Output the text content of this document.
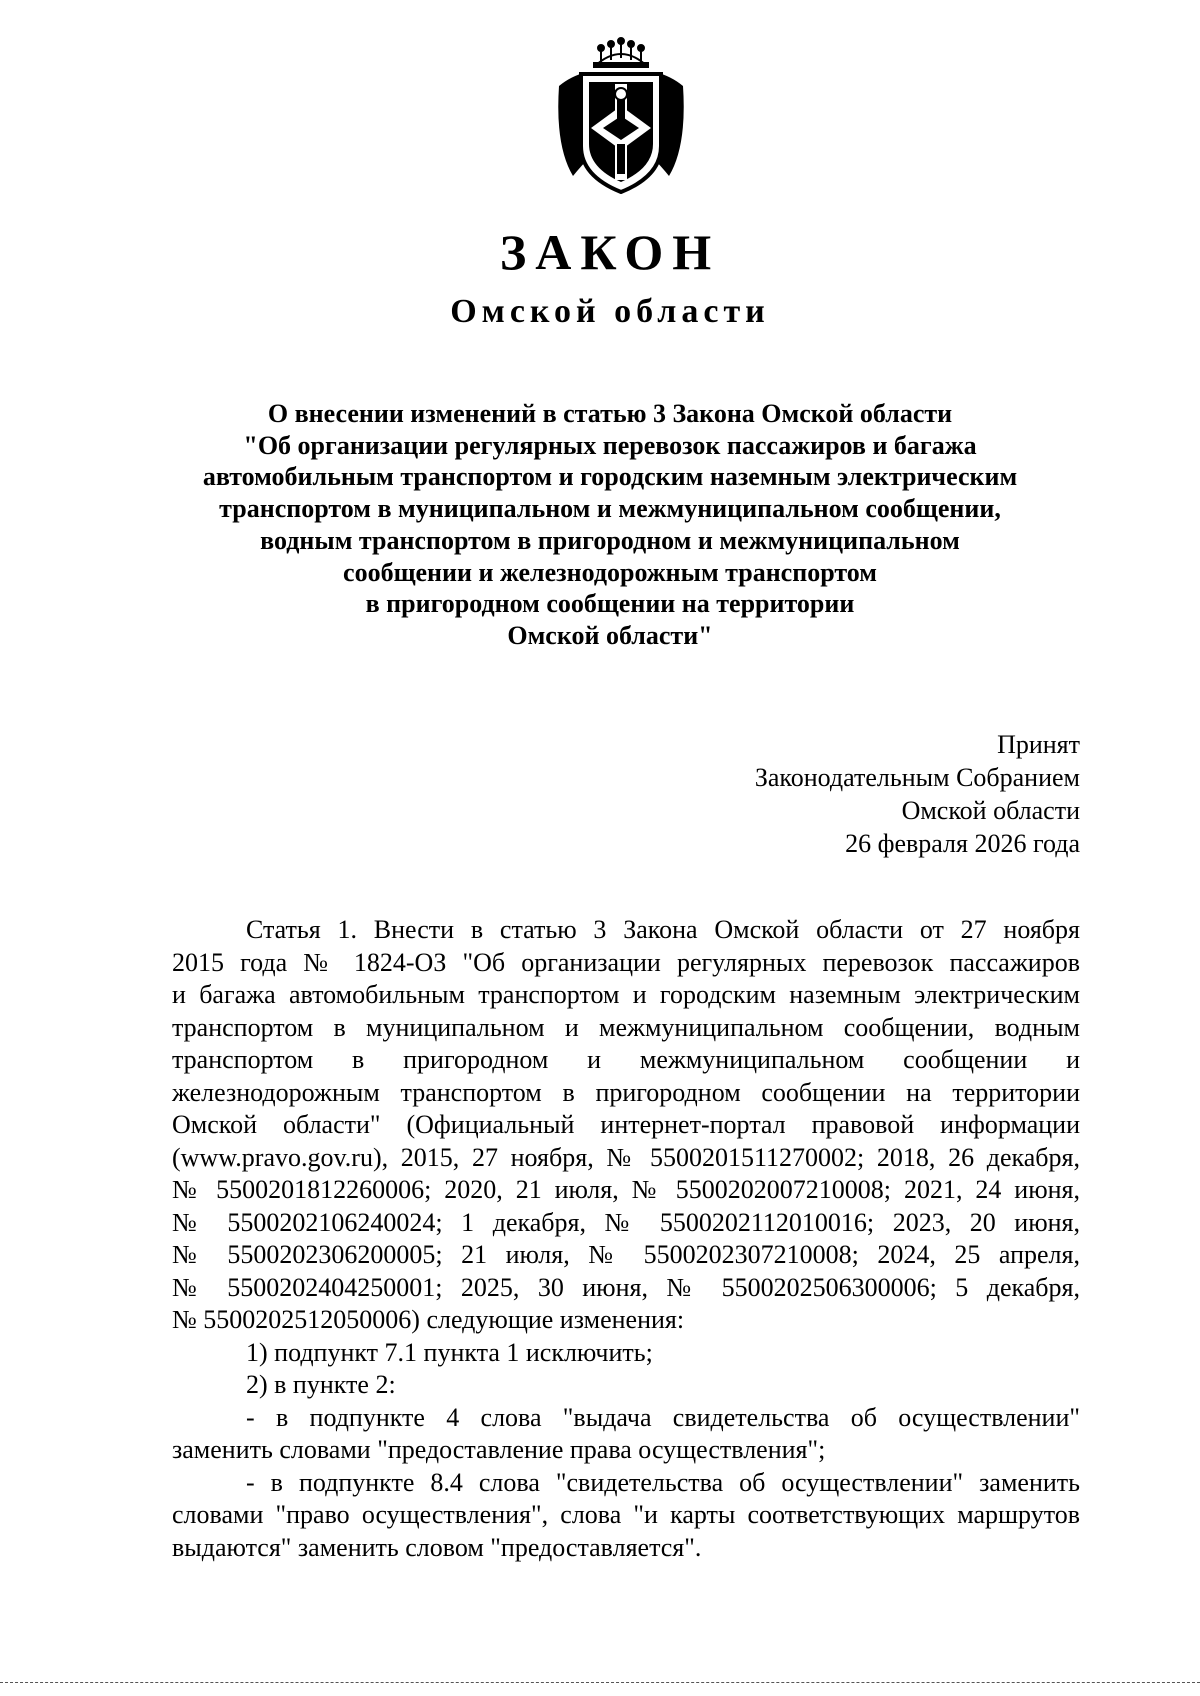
ЗАКОН
Омской области
О внесении изменений в статью 3 Закона Омской области
"Об организации регулярных перевозок пассажиров и багажа
автомобильным транспортом и городским наземным электрическим
транспортом в муниципальном и межмуниципальном сообщении,
водным транспортом в пригородном и межмуниципальном
сообщении и железнодорожным транспортом
в пригородном сообщении на территории
Омской области"
Принят
Законодательным Собранием
Омской области
26 февраля 2026 года
Статья 1. Внести в статью 3 Закона Омской области от 27 ноября
2015 года № 1824-ОЗ "Об организации регулярных перевозок пассажиров
и багажа автомобильным транспортом и городским наземным электрическим
транспортом в муниципальном и межмуниципальном сообщении, водным
транспортом в пригородном и межмуниципальном сообщении и
железнодорожным транспортом в пригородном сообщении на территории
Омской области" (Официальный интернет-портал правовой информации
(www.pravo.gov.ru), 2015, 27 ноября, № 5500201511270002; 2018, 26 декабря,
№ 5500201812260006; 2020, 21 июля, № 5500202007210008; 2021, 24 июня,
№ 5500202106240024; 1 декабря, № 5500202112010016; 2023, 20 июня,
№ 5500202306200005; 21 июля, № 5500202307210008; 2024, 25 апреля,
№ 5500202404250001; 2025, 30 июня, № 5500202506300006; 5 декабря,
№ 5500202512050006) следующие изменения:
1) подпункт 7.1 пункта 1 исключить;
2) в пункте 2:
- в подпункте 4 слова "выдача свидетельства об осуществлении"
заменить словами "предоставление права осуществления";
- в подпункте 8.4 слова "свидетельства об осуществлении" заменить
словами "право осуществления", слова "и карты соответствующих маршрутов
выдаются" заменить словом "предоставляется".
